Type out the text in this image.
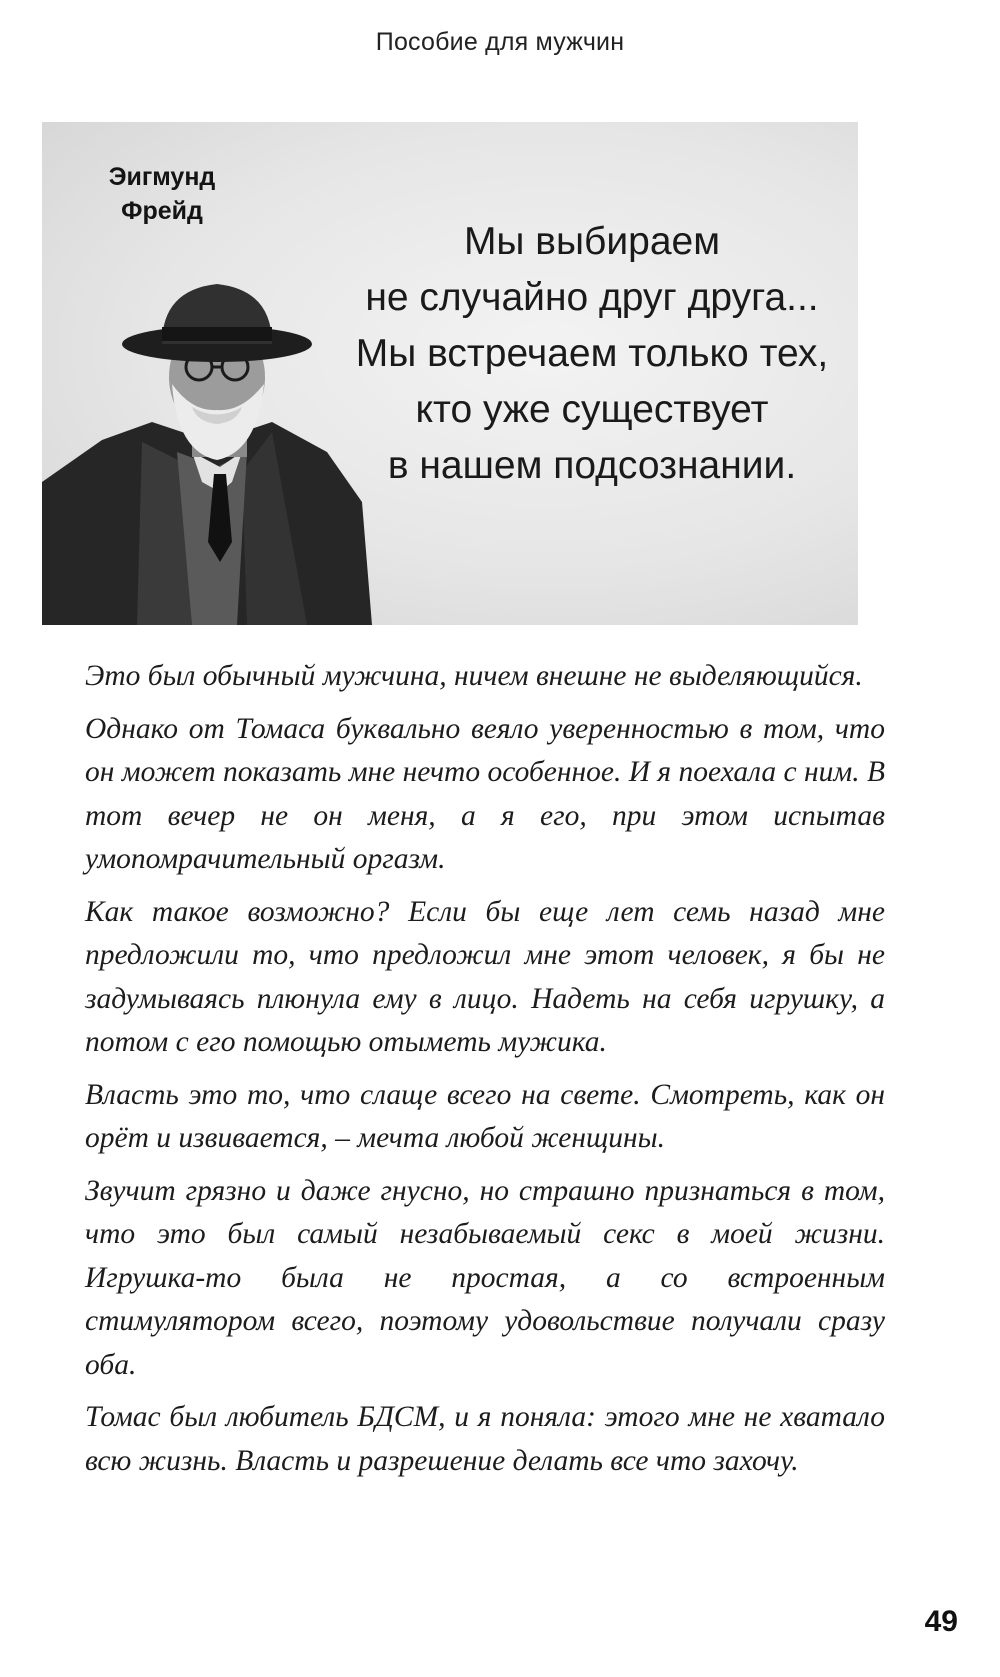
Пособие для мужчин
Эигмунд
Фрейд
Мы выбираем
не случайно друг друга...
Мы встречаем только тех,
кто уже существует
в нашем подсознании.

Это был обычный мужчина, ничем внешне не выделяющийся.

Однако от Томаса буквально веяло уверенностью в том, что он может показать мне нечто особенное. И я поехала с ним. В тот вечер не он меня, а я его, при этом испытав умопомрачительный оргазм.

Как такое возможно? Если бы еще лет семь назад мне предложили то, что предложил мне этот человек, я бы не задумываясь плюнула ему в лицо. Надеть на себя игрушку, а потом с его помощью отыметь мужика.

Власть это то, что слаще всего на свете. Смотреть, как он орёт и извивается, – мечта любой женщины.

Звучит грязно и даже гнусно, но страшно признаться в том, что это был самый незабываемый секс в моей жизни. Игрушка-то была не простая, а со встроенным стимулятором всего, поэтому удовольствие получали сразу оба.

Томас был любитель БДСМ, и я поняла: этого мне не хватало всю жизнь. Власть и разрешение делать все что захочу.

49
